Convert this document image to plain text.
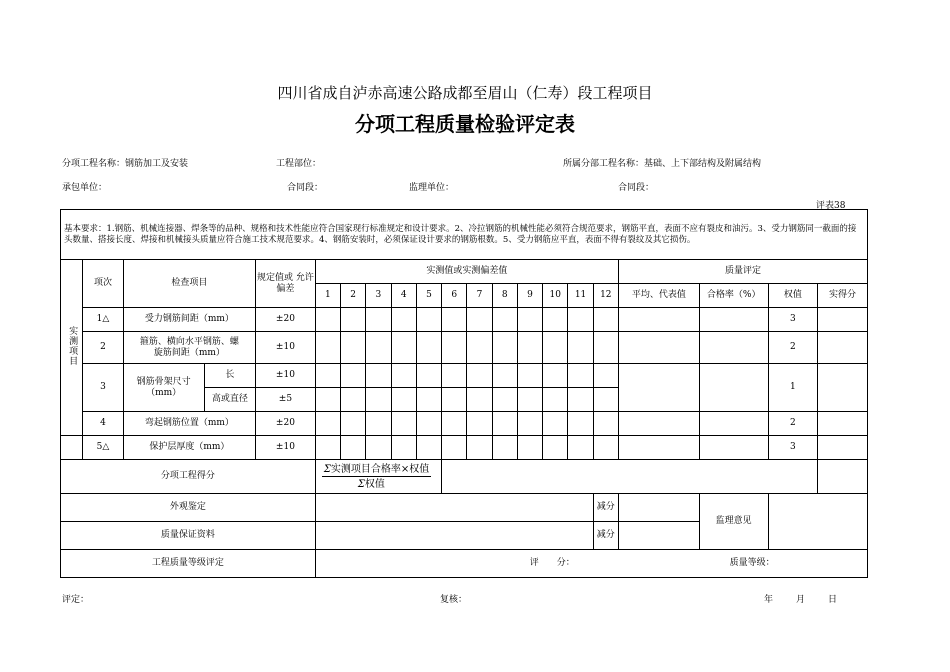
四川省成自泸赤高速公路成都至眉山（仁寿）段工程项目
分项工程质量检验评定表
分项工程名称：钢筋加工及安装	工程部位：	所属分部工程名称：基础、上下部结构及附属结构
承包单位：	合同段：	监理单位：	合同段：
评表38
基本要求：1.钢筋、机械连接器、焊条等的品种、规格和技术性能应符合国家现行标准规定和设计要求。2、冷拉钢筋的机械性能必须符合规范要求，钢筋平直，表面不应有裂皮和油污。3、受力钢筋同一截面的接头数量、搭接长度、焊接和机械接头质量应符合施工技术规范要求。4、钢筋安装时，必须保证设计要求的钢筋根数。5、受力钢筋应平直，表面不得有裂纹及其它损伤。																				
实测项目	项次	检查项目		规定值或 允许偏差	实测值或实测偏差值												质量评定			
					1	2	3	4	5	6	7	8	9	10	11	12	平均、代表值	合格率（%）	权值	实得分
	1△	受力钢筋间距（mm）		±20															3	
	2	箍筋、横向水平钢筋、螺旋筋间距（mm）		±10															2	
	3	钢筋骨架尺寸（mm）	长	±10															1	
			高或直径	±5																
	4	弯起钢筋位置（mm）		±20															2	
	5△	保护层厚度（mm）		±10															3	
分项工程得分					Σ实测项目合格率×权值
Σ权值															
外观鉴定																减分		监理意见		
质量保证资料																减分				
工程质量等级评定					评　　分： 质量等级：															
评定：	复核：	年	月	日
